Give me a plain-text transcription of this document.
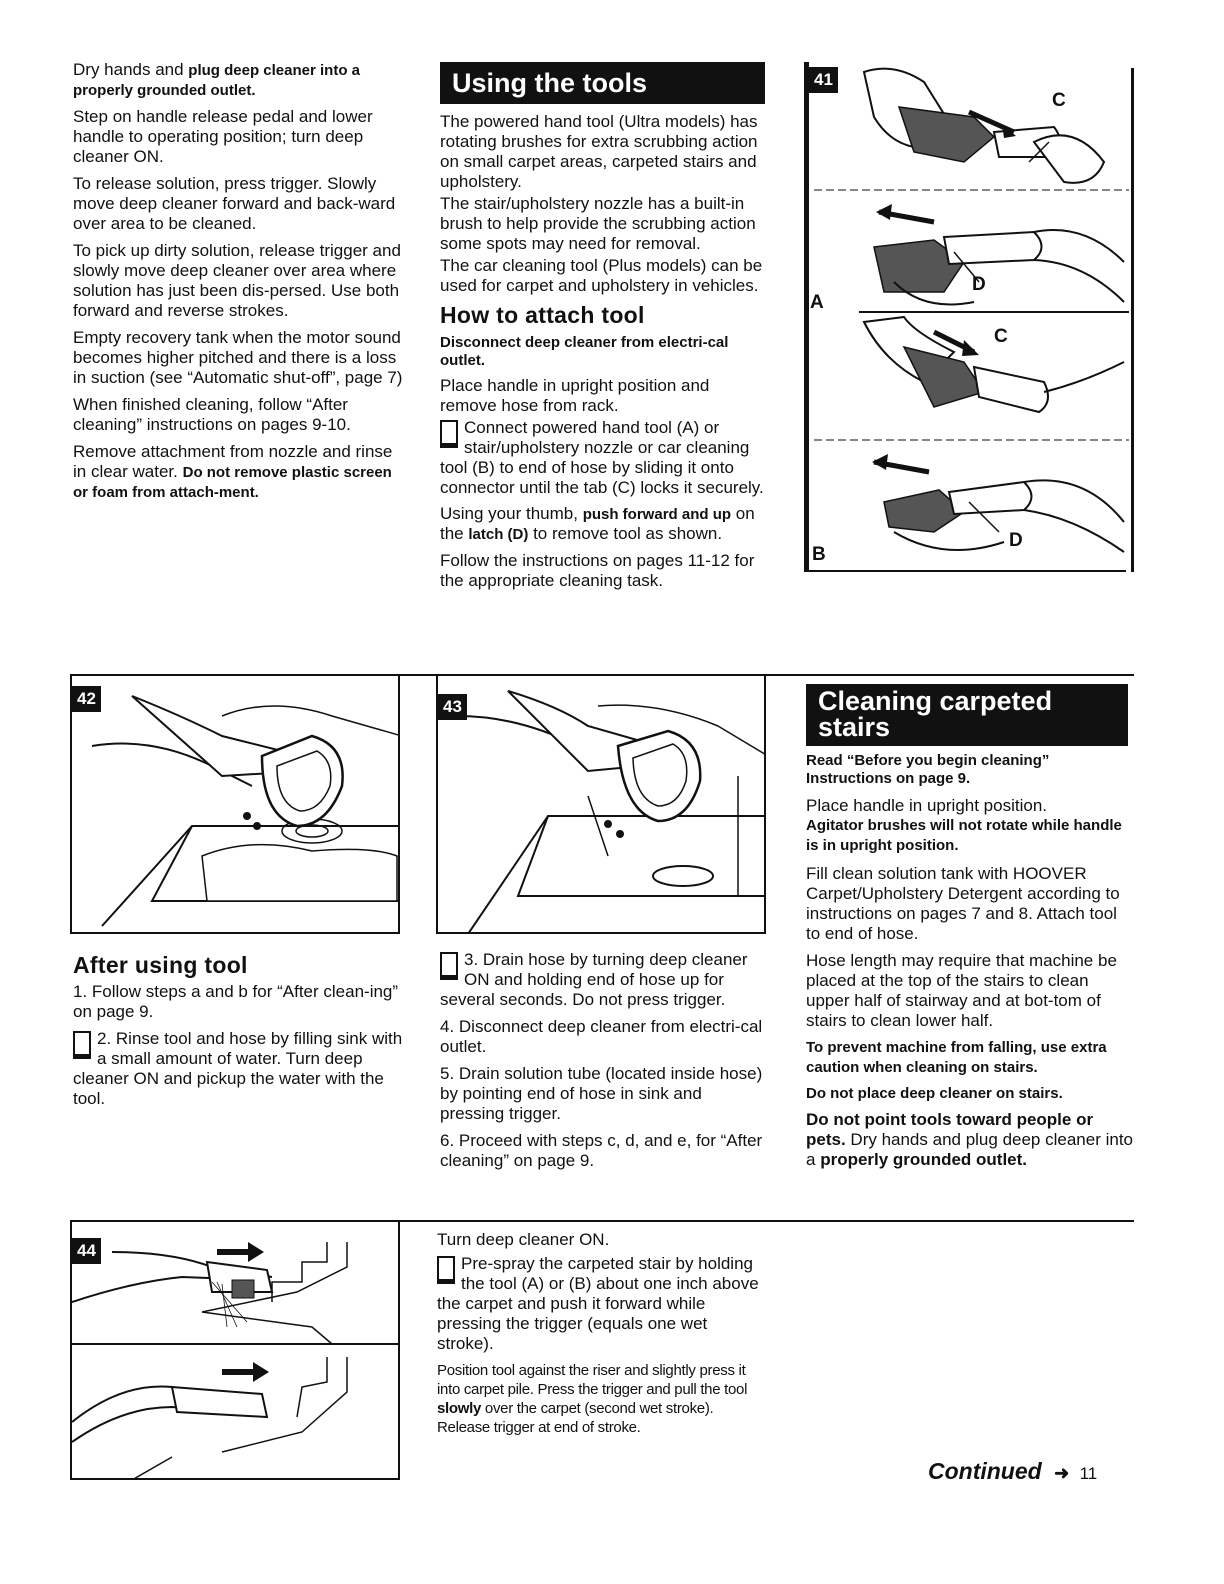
Dry hands and plug deep cleaner into a properly grounded outlet.

Step on handle release pedal and lower handle to operating position; turn deep cleaner ON.

To release solution, press trigger. Slowly move deep cleaner forward and back-ward over area to be cleaned.

To pick up dirty solution, release trigger and slowly move deep cleaner over area where solution has just been dis-persed. Use both forward and reverse strokes.

Empty recovery tank when the motor sound becomes higher pitched and there is a loss in suction (see “Automatic shut-off”, page 7)

When finished cleaning, follow “After cleaning” instructions on pages 9-10.

Remove attachment from nozzle and rinse in clear water. Do not remove plastic screen or foam from attach-ment.

Using the tools

The powered hand tool (Ultra models) has rotating brushes for extra scrubbing action on small carpet areas, carpeted stairs and upholstery.

The stair/upholstery nozzle has a built-in brush to help provide the scrubbing action some spots may need for removal.

The car cleaning tool (Plus models) can be used for carpet and upholstery in vehicles.

How to attach tool

Disconnect deep cleaner from electri-cal outlet.

Place handle in upright position and remove hose from rack.

Connect powered hand tool (A) or stair/upholstery nozzle or car cleaning tool (B) to end of hose by sliding it onto connector until the tab (C) locks it securely.

Using your thumb, push forward and up on the latch (D) to remove tool as shown.

Follow the instructions on pages 11-12 for the appropriate cleaning task.

41
C
D
A
C
D
B
42	43	Cleaning carpeted stairs

Read “Before you begin cleaning” Instructions on page 9.

Place handle in upright position.

Agitator brushes will not rotate while handle is in upright position.

Fill clean solution tank with HOOVER Carpet/Upholstery Detergent according to instructions on pages 7 and 8. Attach tool to end of hose.

Hose length may require that machine be placed at the top of the stairs to clean upper half of stairway and at bot-tom of stairs to clean lower half.

To prevent machine from falling, use extra caution when cleaning on stairs.

Do not place deep cleaner on stairs.

Do not point tools toward people or pets. Dry hands and plug deep cleaner into a properly grounded outlet.

After using tool

1. Follow steps a and b for “After clean-ing” on page 9.

2. Rinse tool and hose by filling sink with a small amount of water. Turn deep cleaner ON and pickup the water with the tool.

3. Drain hose by turning deep cleaner ON and holding end of hose up for several seconds. Do not press trigger.

4. Disconnect deep cleaner from electri-cal outlet.

5. Drain solution tube (located inside hose) by pointing end of hose in sink and pressing trigger.

6. Proceed with steps c, d, and e, for “After cleaning” on page 9.

44

Turn deep cleaner ON.

Pre-spray the carpeted stair by holding the tool (A) or (B) about one inch above the carpet and push it forward while pressing the trigger (equals one wet stroke).

Position tool against the riser and slightly press it into carpet pile. Press the trigger and pull the tool slowly over the carpet (second wet stroke). Release trigger at end of stroke.

Continued ➜ 11
